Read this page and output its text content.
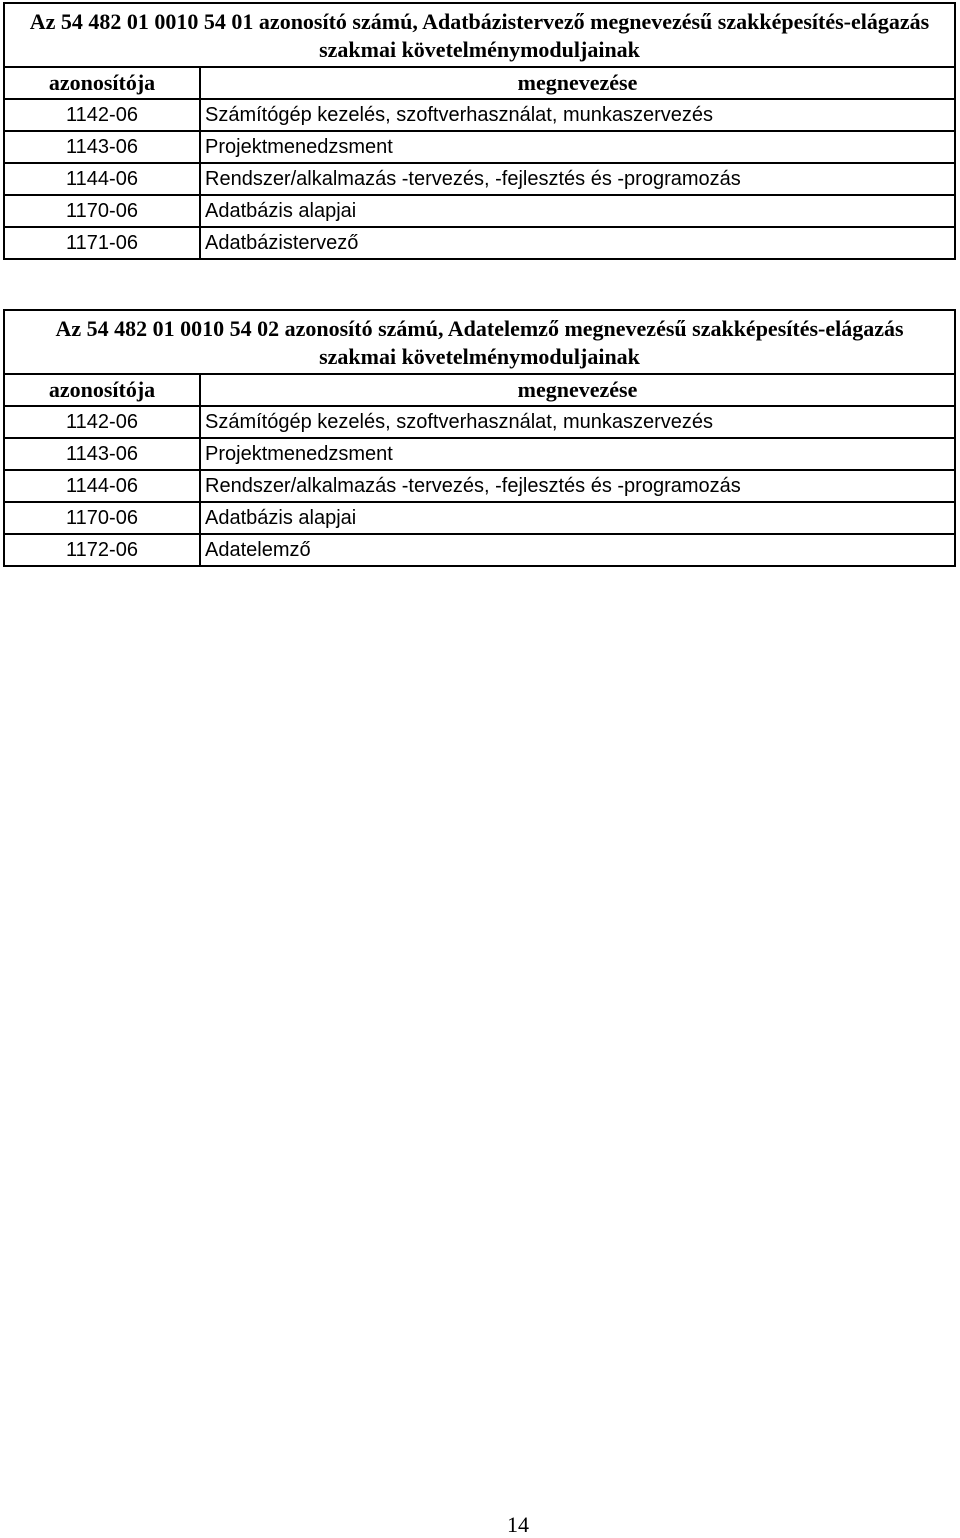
Az 54 482 01 0010 54 01 azonosító számú, Adatbázistervező megnevezésű szakképesítés-elágazás szakmai követelménymoduljainak	
azonosítója	megnevezése
1142-06	Számítógép kezelés, szoftverhasználat, munkaszervezés
1143-06	Projektmenedzsment
1144-06	Rendszer/alkalmazás -tervezés, -fejlesztés és -programozás
1170-06	Adatbázis alapjai
1171-06	Adatbázistervező
Az 54 482 01 0010 54 02 azonosító számú, Adatelemző megnevezésű szakképesítés-elágazás szakmai követelménymoduljainak	
azonosítója	megnevezése
1142-06	Számítógép kezelés, szoftverhasználat, munkaszervezés
1143-06	Projektmenedzsment
1144-06	Rendszer/alkalmazás -tervezés, -fejlesztés és -programozás
1170-06	Adatbázis alapjai
1172-06	Adatelemző
14
